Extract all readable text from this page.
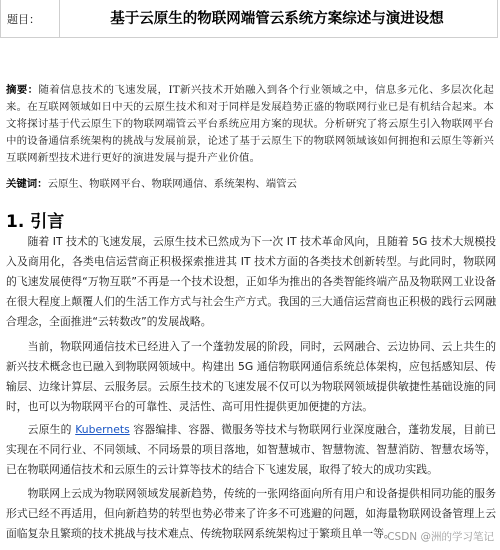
题目：	基于云原生的物联网端管云系统方案综述与演进设想
摘要：随着信息技术的飞速发展，IT新兴技术开始融入到各个行业领域之中，信息多元化、多层次化起来。在互联网领域如日中天的云原生技术和对于同样是发展趋势正盛的物联网行业已是有机结合起来。本文将探讨基于代云原生下的物联网端管云平台系统应用方案的现状。分析研究了将云原生引入物联网平台中的设备通信系统架构的挑战与发展前景，论述了基于云原生下的物联网领域该如何拥抱和云原生等新兴互联网新型技术进行更好的演进发展与提升产业价值。
关键词：云原生、物联网平台、物联网通信、系统架构、端管云
1. 引言

随着 IT 技术的飞速发展，云原生技术已然成为下一次 IT 技术革命风向，且随着 5G 技术大规模投入及商用化，各类电信运营商正积极探索推进其 IT 技术方面的各类技术创新转型。与此同时，物联网的飞速发展使得“万物互联”不再是一个技术设想，正如华为推出的各类智能终端产品及物联网工业设备在很大程度上颠覆人们的生活工作方式与社会生产方式。我国的三大通信运营商也正积极的践行云网融合理念，全面推进“云转数改”的发展战略。

当前，物联网通信技术已经进入了一个蓬勃发展的阶段，同时，云网融合、云边协同、云上共生的新兴技术概念也已融入到物联网领域中。构建出 5G 通信物联网通信系统总体架构，应包括感知层、传输层、边缘计算层、云服务层。云原生技术的飞速发展不仅可以为物联网领域提供敏捷性基础设施的同时，也可以为物联网平台的可靠性、灵活性、高可用性提供更加便捷的方法。

云原生的 Kubernets 容器编排、容器、微服务等技术与物联网行业深度融合，蓬勃发展，目前已实现在不同行业、不同领域、不同场景的项目落地，如智慧城市、智慧物流、智慧消防、智慧农场等，已在物联网通信技术和云原生的云计算等技术的结合下飞速发展，取得了较大的成功实践。

物联网上云成为物联网领域发展新趋势，传统的一张网络面向所有用户和设备提供相同功能的服务形式已经不再适用，但向新趋势的转型也势必带来了许多不可逃避的问题，如海量物联网设备管理上云面临复杂且繁琐的技术挑战与技术难点、传统物联网系统架构过于繁琐且单一等。

CSDN @洲的学习笔记
